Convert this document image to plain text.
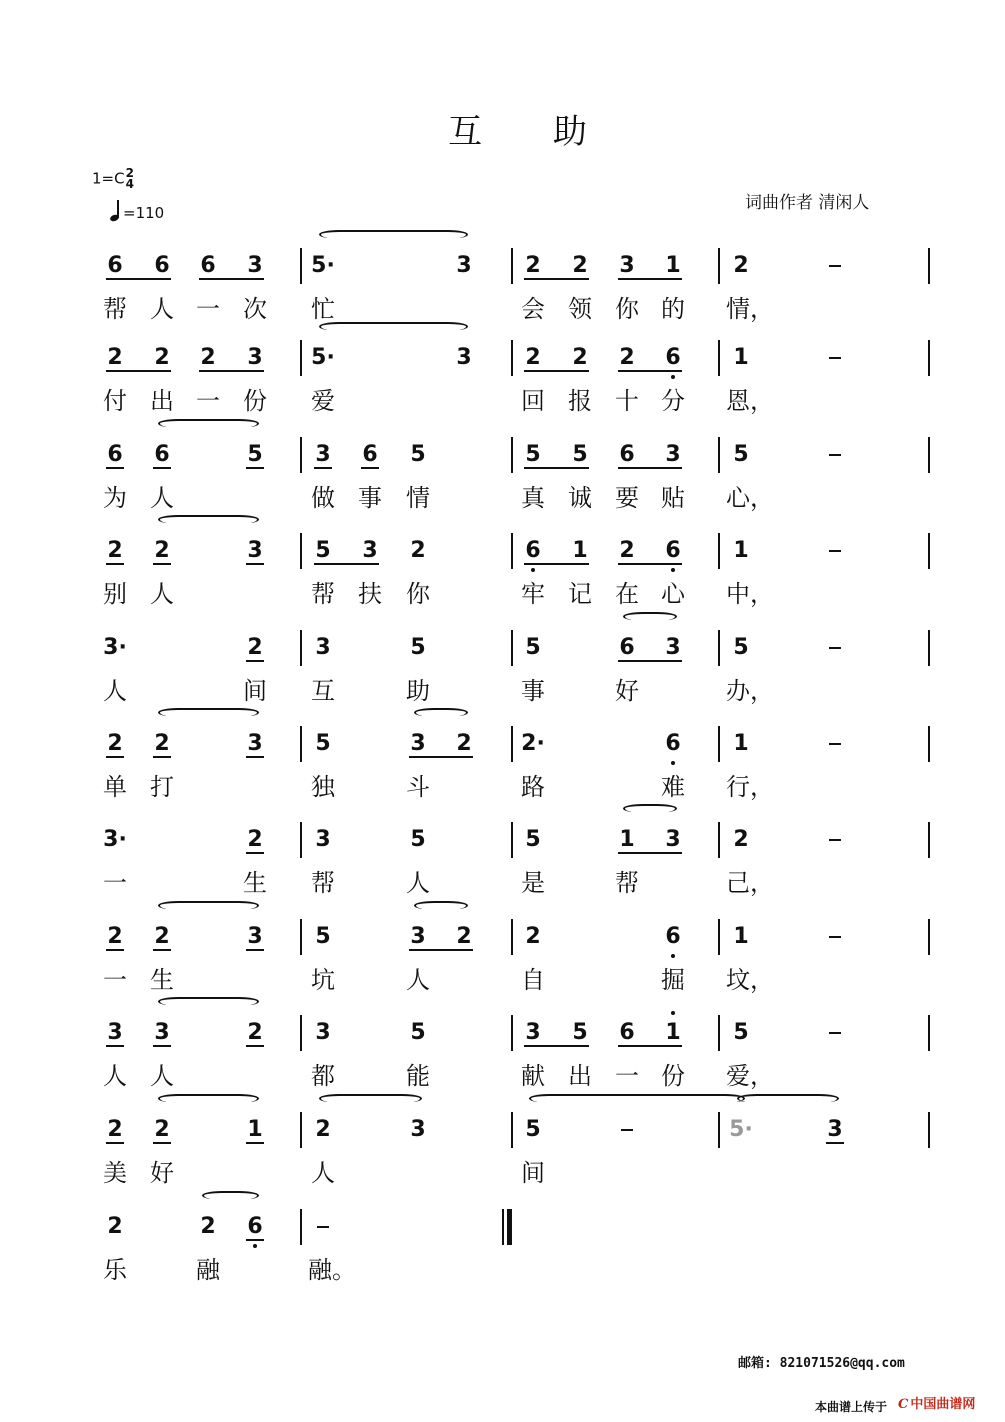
互 助
1=C 2
4
=110	词曲作者 清闲人
6 6 6 3 5·	3 2 2 3 1 2
帮 人 一 次 忙	会 领 你 的 情，
2 2 2 3 5·	3 2 2 2 6 1
付 出 一 份 爱	回 报 十 分 恩，
6 6	5 3 6 5	5 5 6 3 5
为 人	做 事 情	真 诚 要 贴 心，
2 2	3 5 3 2	6 1 2 6 1
别 人	帮 扶 你	牢 记 在 心 中，
3·	2 3	5	5	6 3 5
人	间 互	助	事	好	办，
2 2	3 5	3 2 2·	6 1
单 打	独	斗	路	难 行，
3·	2 3	5	5	1 3 2
一	生 帮	人	是	帮	己，
2 2	3 5	3 2 2	6 1
一 生	坑	人	自	掘 坟，
3 3	2 3	5	3 5 6 1 5
人 人	都	能	献 出 一 份 爱，
2 2	1 2	3	5	5·	3
美 好	人	间
2	2 6
乐	融	融。
邮箱: 821071526@qq.com
本曲谱上传于 C 中国曲谱网
